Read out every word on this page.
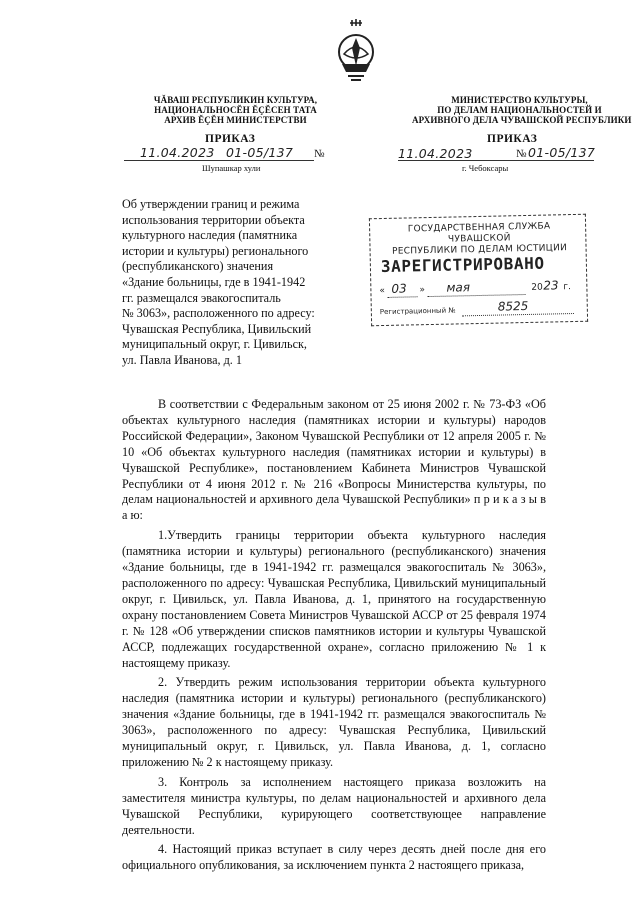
ЧĂВАШ РЕСПУБЛИКИН КУЛЬТУРА,
НАЦИОНАЛЬНОСĔН ĔҪĔСЕН ТАТА
АРХИВ ĔҪĔН МИНИСТЕРСТВИ
МИНИСТЕРСТВО КУЛЬТУРЫ,
ПО ДЕЛАМ НАЦИОНАЛЬНОСТЕЙ И
АРХИВНОГО ДЕЛА ЧУВАШСКОЙ РЕСПУБЛИКИ
ПРИКАЗ	ПРИКАЗ
11.04.2023 01-05/137 №
Шупашкар хули
11.04.2023	№ 01-05/137
г. Чебоксары
Об утверждении границ и режима
использования территории объекта
культурного наследия (памятника
истории и культуры) регионального
(республиканского) значения
«Здание больницы, где в 1941-1942
гг. размещался эвакогоспиталь
№ 3063», расположенного по адресу:
Чувашская Республика, Цивильский
муниципальный округ, г. Цивильск,
ул. Павла Иванова, д. 1
ГОСУДАРСТВЕННАЯ СЛУЖБА ЧУВАШСКОЙ
РЕСПУБЛИКИ ПО ДЕЛАМ ЮСТИЦИИ
ЗАРЕГИСТРИРОВАНО
« 03 » мая	20 23 г.
Регистрационный №	8525

В соответствии с Федеральным законом от 25 июня 2002 г. № 73-ФЗ «Об объектах культурного наследия (памятниках истории и культуры) народов Российской Федерации», Законом Чувашской Республики от 12 апреля 2005 г. № 10 «Об объектах культурного наследия (памятниках истории и культуры) в Чувашской Республике», постановлением Кабинета Министров Чувашской Республики от 4 июня 2012 г. № 216 «Вопросы Министерства культуры, по делам национальностей и архивного дела Чувашской Республики» п р и к а з ы в а ю:

1.Утвердить границы территории объекта культурного наследия (памятника истории и культуры) регионального (республиканского) значения «Здание больницы, где в 1941-1942 гг. размещался эвакогоспиталь № 3063», расположенного по адресу: Чувашская Республика, Цивильский муниципальный округ, г. Цивильск, ул. Павла Иванова, д. 1, принятого на государственную охрану постановлением Совета Министров Чувашской АССР от 25 февраля 1974 г. № 128 «Об утверждении списков памятников истории и культуры Чувашской АССР, подлежащих государственной охране», согласно приложению № 1 к настоящему приказу.

2. Утвердить режим использования территории объекта культурного наследия (памятника истории и культуры) регионального (республиканского) значения «Здание больницы, где в 1941-1942 гг. размещался эвакогоспиталь № 3063», расположенного по адресу: Чувашская Республика, Цивильский муниципальный округ, г. Цивильск, ул. Павла Иванова, д. 1, согласно приложению № 2 к настоящему приказу.

3. Контроль за исполнением настоящего приказа возложить на заместителя министра культуры, по делам национальностей и архивного дела Чувашской Республики, курирующего соответствующее направление деятельности.

4. Настоящий приказ вступает в силу через десять дней после дня его официального опубликования, за исключением пункта 2 настоящего приказа,
